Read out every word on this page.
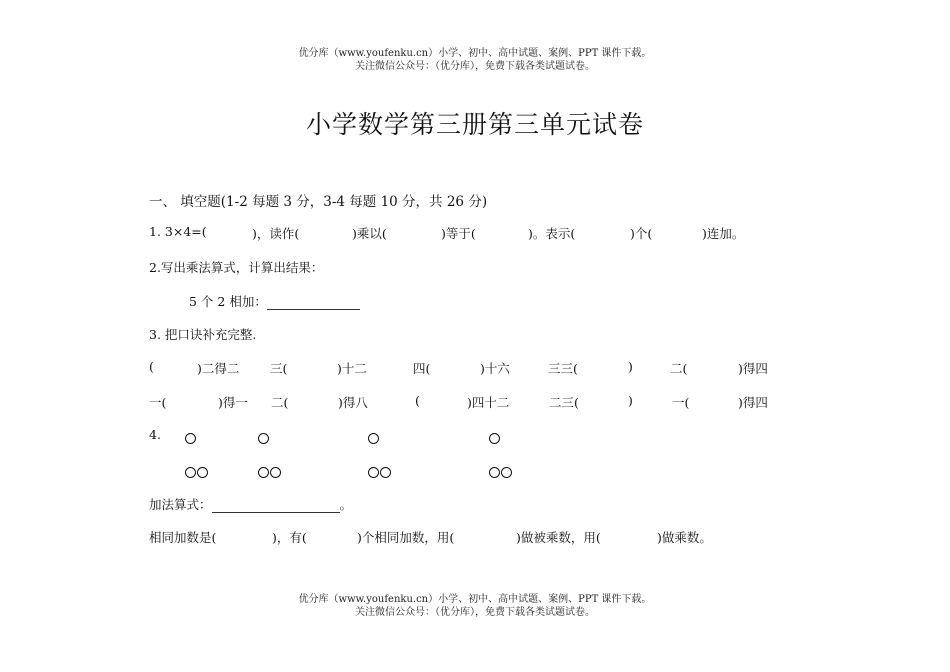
优分库（www.youfenku.cn）小学、初中、高中试题、案例、PPT 课件下载。
关注微信公众号：（优分库），免费下载各类试题试卷。
小学数学第三册第三单元试卷
一、 填空题(1-2 每题 3 分，3-4 每题 10 分，共 26 分)
1. 3×4=(	)，读作(	)乘以(	)等于(	)。表示(	)个(	)连加。
2.写出乘法算式，计算出结果：
5 个 2 相加：
3. 把口诀补充完整.
(	)二得二 三(	)十二	四(	)十六	三三(	)	二(	)得四
一(	)得一 二(	)得八	(	)四十二	二三(	)	一(	)得四
4.
加法算式：	。
相同加数是(	)，有(	)个相同加数，用(	)做被乘数，用(	)做乘数。
优分库（www.youfenku.cn）小学、初中、高中试题、案例、PPT 课件下载。
关注微信公众号：（优分库），免费下载各类试题试卷。
